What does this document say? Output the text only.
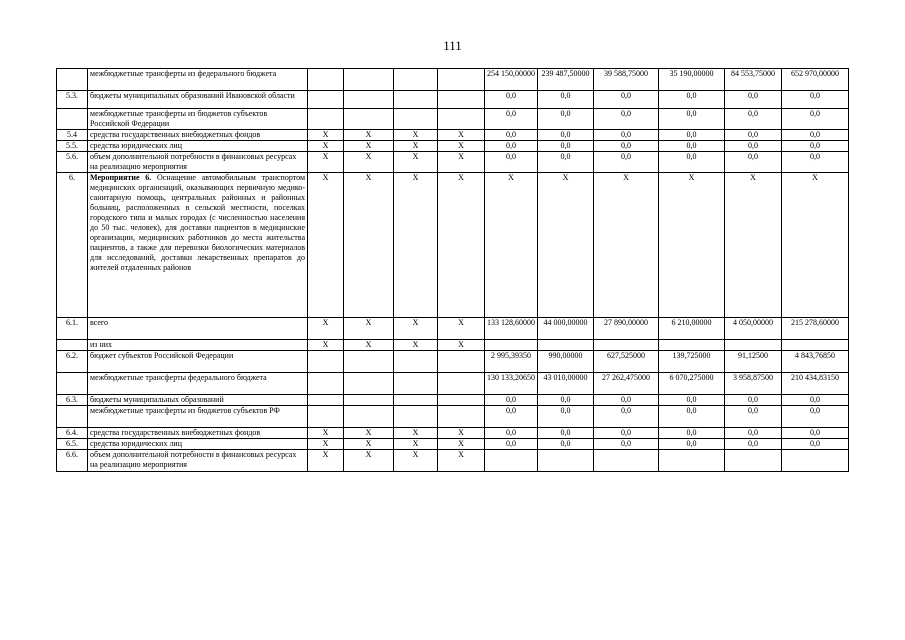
111
	межбюджетные трансферты из федерального бюджета					254 150,00000	239 487,50000	39 588,75000	35 190,00000	84 553,75000	652 970,00000
5.3.	бюджеты муниципальных образований Ивановской области					0,0	0,0	0,0	0,0	0,0	0,0
	межбюджетные трансферты из бюджетов субъектов Российской Федерации					0,0	0,0	0,0	0,0	0,0	0,0
5.4	средства государственных внебюджетных фондов	X	X	X	X	0,0	0,0	0,0	0,0	0,0	0,0
5.5.	средства юридических лиц	X	X	X	X	0,0	0,0	0,0	0,0	0,0	0,0
5.6.	объем дополнительной потребности в финансовых ресурсах на реализацию мероприятия	X	X	X	X	0,0	0,0	0,0	0,0	0,0	0,0
6.	Мероприятие 6. Оснащение автомобильным транспортом медицинских организаций, оказывающих первичную медико-санитарную помощь, центральных районных и районных больниц, расположенных в сельской местности, поселках городского типа и малых городах (с численностью населения до 50 тыс. человек), для доставки пациентов в медицинские организации, медицинских работников до места жительства пациентов, а также для перевозки биологических материалов для исследований, доставки лекарственных препаратов до жителей отдаленных районов	X	X	X	X	X	X	X	X	X	X
6.1.	всего	X	X	X	X	133 128,60000	44 000,00000	27 890,00000	6 210,00000	4 050,00000	215 278,60000
	из них	X	X	X	X						
6.2.	бюджет субъектов Российской Федерации					2 995,39350	990,00000	627,525000	139,725000	91,12500	4 843,76850
	межбюджетные трансферты федерального бюджета					130 133,20650	43 010,00000	27 262,475000	6 070,275000	3 958,87500	210 434,83150
6.3.	бюджеты муниципальных образований					0,0	0,0	0,0	0,0	0,0	0,0
	межбюджетные трансферты из бюджетов субъектов РФ					0,0	0,0	0,0	0,0	0,0	0,0
6.4.	средства государственных внебюджетных фондов	X	X	X	X	0,0	0,0	0,0	0,0	0,0	0,0
6.5.	средства юридических лиц	X	X	X	X	0,0	0,0	0,0	0,0	0,0	0,0
6.6.	объем дополнительной потребности в финансовых ресурсах на реализацию мероприятия	X	X	X	X						
